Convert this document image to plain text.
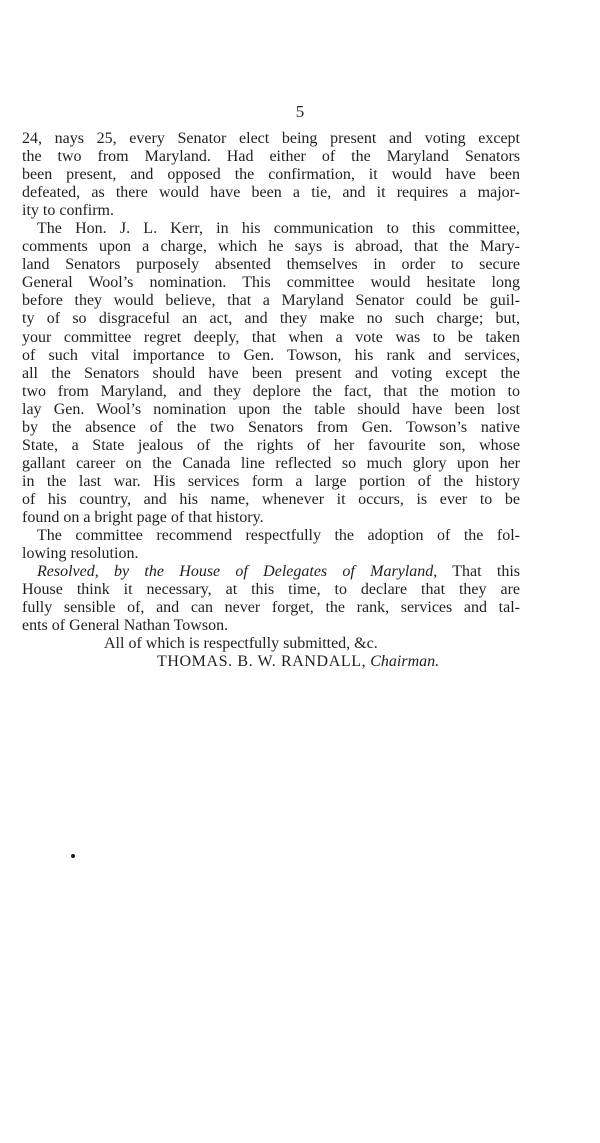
5
24, nays 25, every Senator elect being present and voting except
the two from Maryland. Had either of the Maryland Senators
been present, and opposed the confirmation, it would have been
defeated, as there would have been a tie, and it requires a major-
ity to confirm.
The Hon. J. L. Kerr, in his communication to this committee,
comments upon a charge, which he says is abroad, that the Mary-
land Senators purposely absented themselves in order to secure
General Wool’s nomination. This committee would hesitate long
before they would believe, that a Maryland Senator could be guil-
ty of so disgraceful an act, and they make no such charge; but,
your committee regret deeply, that when a vote was to be taken
of such vital importance to Gen. Towson, his rank and services,
all the Senators should have been present and voting except the
two from Maryland, and they deplore the fact, that the motion to
lay Gen. Wool’s nomination upon the table should have been lost
by the absence of the two Senators from Gen. Towson’s native
State, a State jealous of the rights of her favourite son, whose
gallant career on the Canada line reflected so much glory upon her
in the last war. His services form a large portion of the history
of his country, and his name, whenever it occurs, is ever to be
found on a bright page of that history.
The committee recommend respectfully the adoption of the fol-
lowing resolution.
Resolved, by the House of Delegates of Maryland, That this
House think it necessary, at this time, to declare that they are
fully sensible of, and can never forget, the rank, services and tal-
ents of General Nathan Towson.
All of which is respectfully submitted, &c.
THOMAS. B. W. RANDALL, Chairman.
